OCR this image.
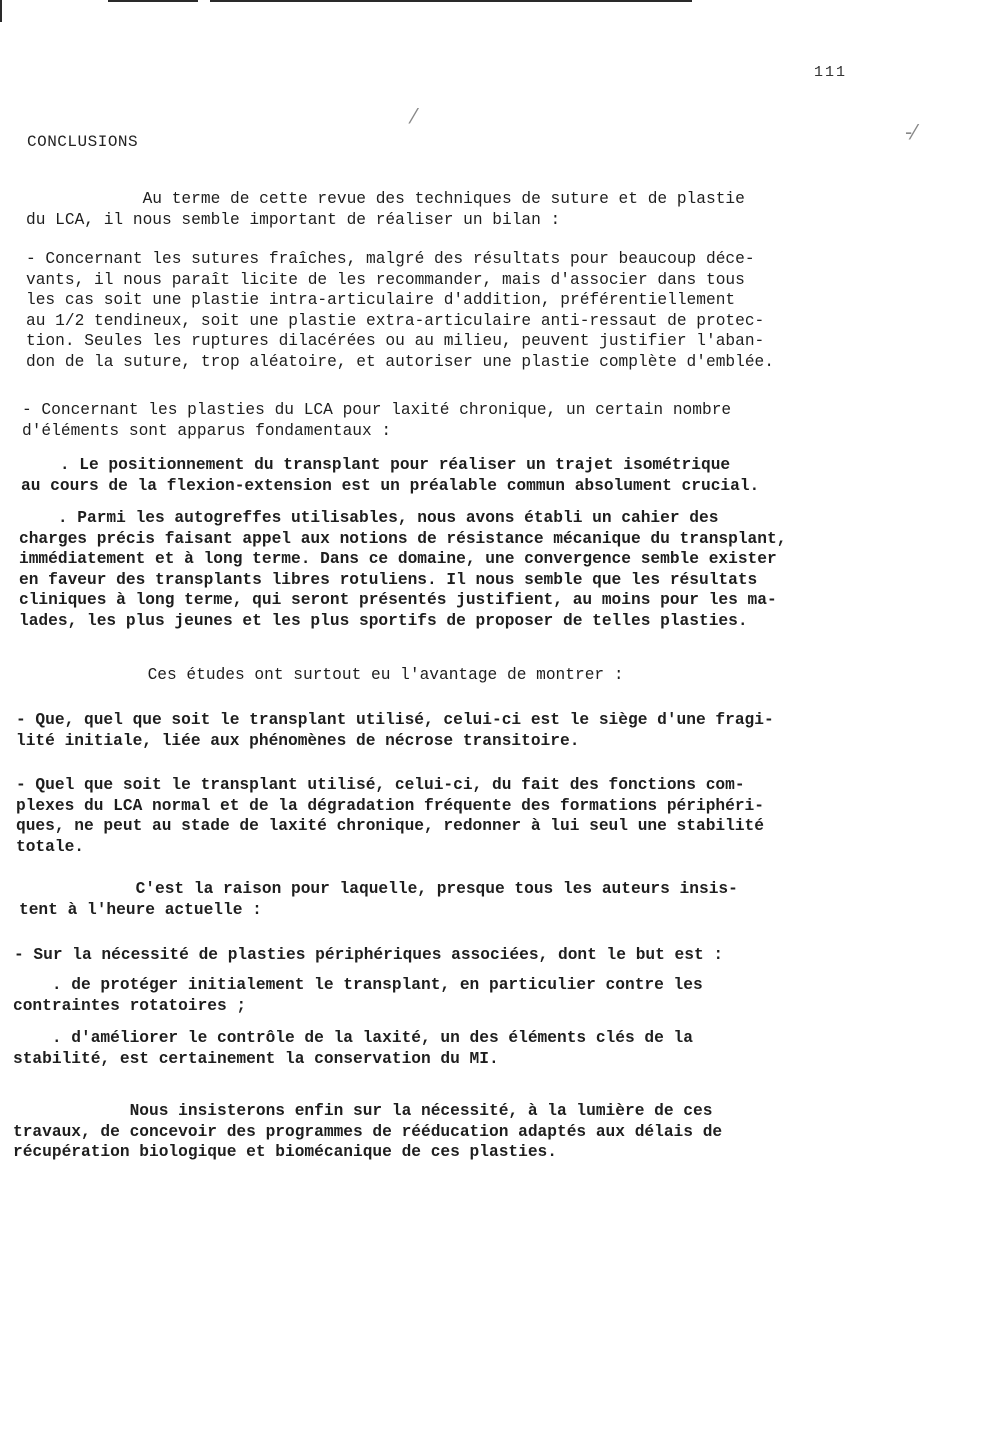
⁄
-⁄
111
CONCLUSIONS

Au terme de cette revue des techniques de suture et de plastie
du LCA, il nous semble important de réaliser un bilan :

- Concernant les sutures fraîches, malgré des résultats pour beaucoup déce-
vants, il nous paraît licite de les recommander, mais d'associer dans tous
les cas soit une plastie intra-articulaire d'addition, préférentiellement
au 1/2 tendineux, soit une plastie extra-articulaire anti-ressaut de protec-
tion. Seules les ruptures dilacérées ou au milieu, peuvent justifier l'aban-
don de la suture, trop aléatoire, et autoriser une plastie complète d'emblée.

- Concernant les plasties du LCA pour laxité chronique, un certain nombre
d'éléments sont apparus fondamentaux :

. Le positionnement du transplant pour réaliser un trajet isométrique
au cours de la flexion-extension est un préalable commun absolument crucial.

. Parmi les autogreffes utilisables, nous avons établi un cahier des
charges précis faisant appel aux notions de résistance mécanique du transplant,
immédiatement et à long terme. Dans ce domaine, une convergence semble exister
en faveur des transplants libres rotuliens. Il nous semble que les résultats
cliniques à long terme, qui seront présentés justifient, au moins pour les ma-
lades, les plus jeunes et les plus sportifs de proposer de telles plasties.

Ces études ont surtout eu l'avantage de montrer :

- Que, quel que soit le transplant utilisé, celui-ci est le siège d'une fragi-
lité initiale, liée aux phénomènes de nécrose transitoire.

- Quel que soit le transplant utilisé, celui-ci, du fait des fonctions com-
plexes du LCA normal et de la dégradation fréquente des formations périphéri-
ques, ne peut au stade de laxité chronique, redonner à lui seul une stabilité
totale.

C'est la raison pour laquelle, presque tous les auteurs insis-
tent à l'heure actuelle :

- Sur la nécessité de plasties périphériques associées, dont le but est :

. de protéger initialement le transplant, en particulier contre les
contraintes rotatoires ;

. d'améliorer le contrôle de la laxité, un des éléments clés de la
stabilité, est certainement la conservation du MI.

Nous insisterons enfin sur la nécessité, à la lumière de ces
travaux, de concevoir des programmes de rééducation adaptés aux délais de
récupération biologique et biomécanique de ces plasties.
